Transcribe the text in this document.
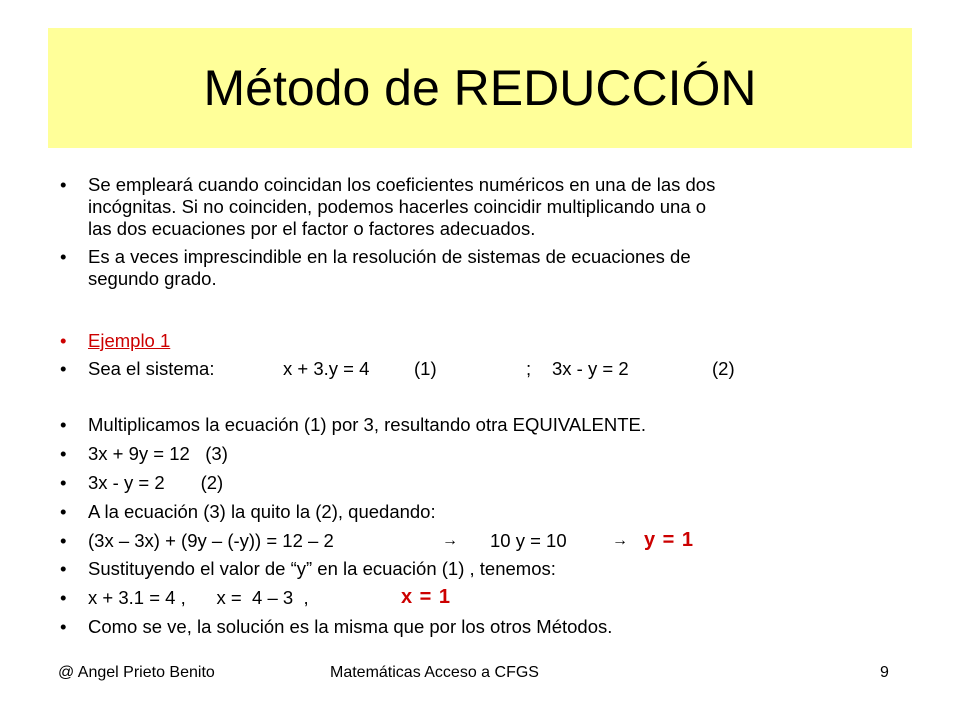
Método de REDUCCIÓN
• Se empleará cuando coincidan los coeficientes numéricos en una de las dos
incógnitas. Si no coinciden, podemos hacerles coincidir multiplicando una o
las dos ecuaciones por el factor o factores adecuados.
• Es a veces imprescindible en la resolución de sistemas de ecuaciones de
segundo grado.
• Ejemplo 1
• Sea el sistema:	x + 3.y = 4 (1)	; 3x - y = 2	(2)
• Multiplicamos la ecuación (1) por 3, resultando otra EQUIVALENTE.
• 3x + 9y = 12   (3)
• 3x - y = 2       (2)
• A la ecuación (3) la quito la (2), quedando:
• (3x – 3x) + (9y – (-y)) = 12 – 2	→ 10 y = 10	→ y = 1
• Sustituyendo el valor de “y” en la ecuación (1) , tenemos:
• x + 3.1 = 4 ,      x =  4 – 3  ,	x = 1
• Como se ve, la solución es la misma que por los otros Métodos.
@ Angel Prieto Benito	Matemáticas Acceso a CFGS	9
